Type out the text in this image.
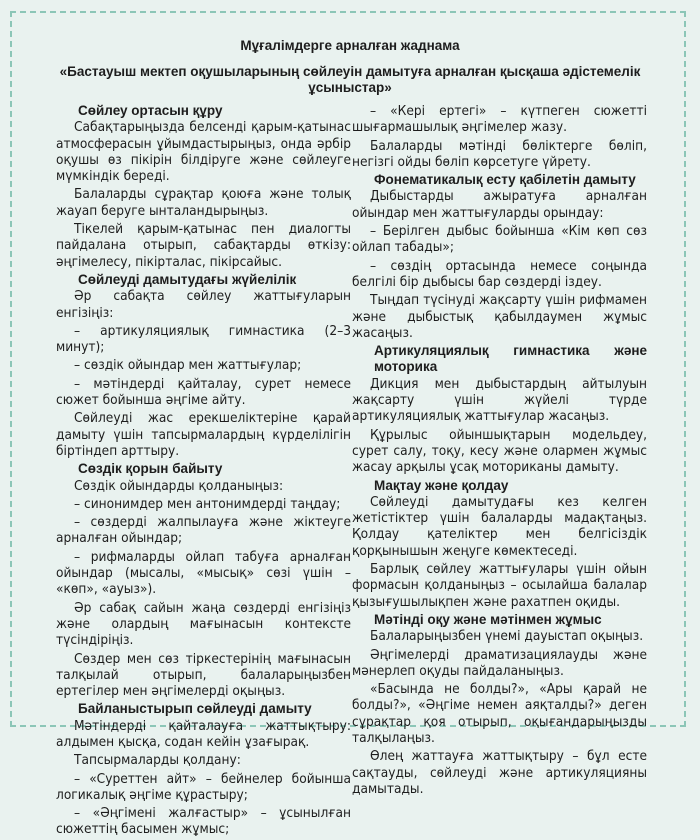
Мұғалімдерге арналған жаднама
«Бастауыш мектеп оқушыларының сөйлеуін дамытуға арналған қысқаша әдістемелік ұсыныстар»
Сөйлеу ортасын құру

Сабақтарыңызда белсенді қарым-қатынас атмосферасын ұйымдастырыңыз, онда әрбір оқушы өз пікірін білдіруге және сөйлеуге мүмкіндік береді.

Балаларды сұрақтар қоюға және толық жауап беруге ынталандырыңыз.

Тікелей қарым-қатынас пен диалогты пайдалана отырып, сабақтарды өткізу: әңгімелесу, пікірталас, пікірсайыс.

Сөйлеуді дамытудағы жүйелілік

Әр сабақта сөйлеу жаттығуларын енгізіңіз:

– артикуляциялық гимнастика (2–3 минут);

– сөздік ойындар мен жаттығулар;

– мәтіндерді қайталау, сурет немесе сюжет бойынша әңгіме айту.

Сөйлеуді жас ерекшеліктеріне қарай дамыту үшін тапсырмалардың күрделілігін біртіндеп арттыру.

Сөздік қорын байыту

Сөздік ойындарды қолданыңыз:

– синонимдер мен антонимдерді таңдау;

– сөздерді жалпылауға және жіктеуге арналған ойындар;

– рифмаларды ойлап табуға арналған ойындар (мысалы, «мысық» сөзі үшін – «көп», «ауыз»).

Әр сабақ сайын жаңа сөздерді енгізіңіз және олардың мағынасын контексте түсіндіріңіз.

Сөздер мен сөз тіркестерінің мағынасын талқылай отырып, балаларыңызбен ертегілер мен әңгімелерді оқыңыз.

Байланыстырып сөйлеуді дамыту

Мәтіндерді қайталауға жаттықтыру: алдымен қысқа, содан кейін ұзағырақ.

Тапсырмаларды қолдану:

– «Суреттен айт» – бейнелер бойынша логикалық әңгіме құрастыру;

– «Әңгімені жалғастыр» – ұсынылған сюжеттің басымен жұмыс;

– «Кері ертегі» – күтпеген сюжетті шығармашылық әңгімелер жазу.

Балаларды мәтінді бөліктерге бөліп, негізгі ойды бөліп көрсетуге үйрету.

Фонематикалық есту қабілетін дамыту

Дыбыстарды ажыратуға арналған ойындар мен жаттығуларды орындау:

– Берілген дыбыс бойынша «Кім көп сөз ойлап табады»;

– сөздің ортасында немесе соңында белгілі бір дыбысы бар сөздерді іздеу.

Тыңдап түсінуді жақсарту үшін рифмамен және дыбыстық қабылдаумен жұмыс жасаңыз.

Артикуляциялық гимнастика және моторика

Дикция мен дыбыстардың айтылуын жақсарту үшін жүйелі түрде артикуляциялық жаттығулар жасаңыз.

Құрылыс ойыншықтарын модельдеу, сурет салу, тоқу, кесу және олармен жұмыс жасау арқылы ұсақ моториканы дамыту.

Мақтау және қолдау

Сөйлеуді дамытудағы кез келген жетістіктер үшін балаларды мадақтаңыз. Қолдау қателіктер мен белгісіздік қорқынышын жеңуге көмектеседі.

Барлық сөйлеу жаттығулары үшін ойын формасын қолданыңыз – осылайша балалар қызығушылықпен және рахатпен оқиды.

Мәтінді оқу және мәтінмен жұмыс

Балаларыңызбен үнемі дауыстап оқыңыз.

Әңгімелерді драматизациялауды және мәнерлеп оқуды пайдаланыңыз.

«Басында не болды?», «Ары қарай не болды?», «Әңгіме немен аяқталды?» деген сұрақтар қоя отырып, оқығандарыңызды талқылаңыз.

Өлең жаттауға жаттықтыру – бұл есте сақтауды, сөйлеуді және артикуляцияны дамытады.
